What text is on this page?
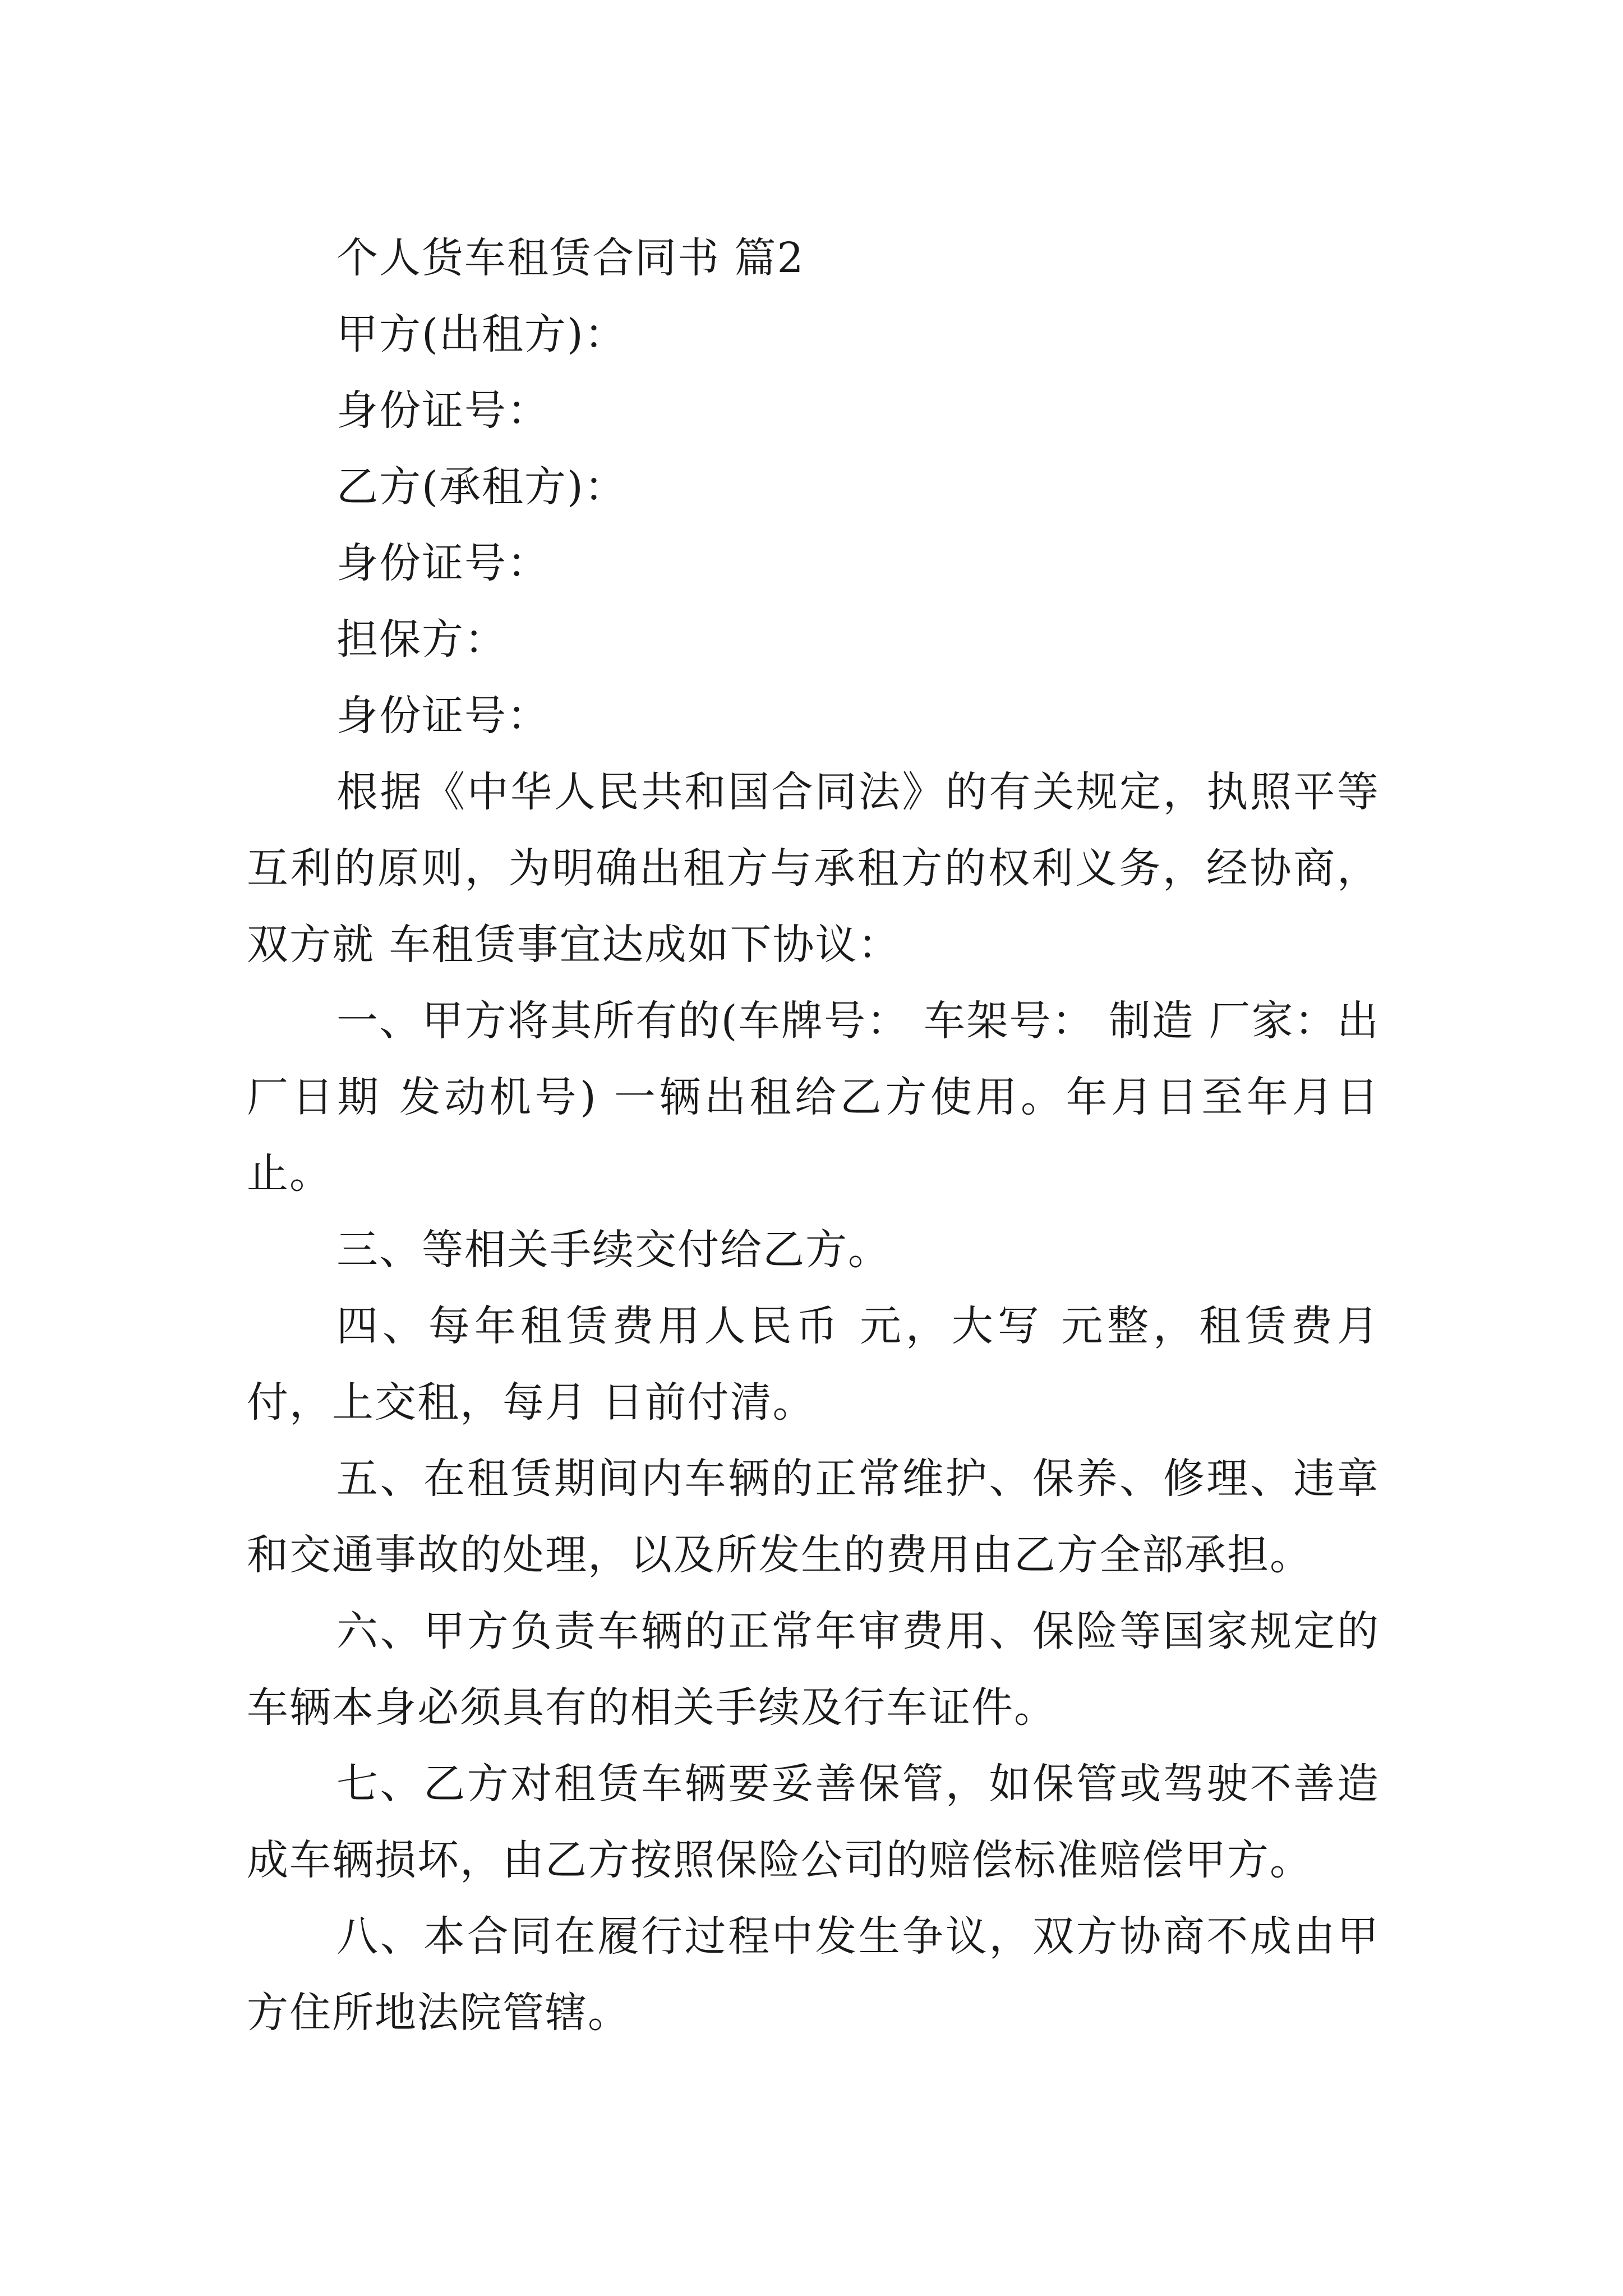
个人货车租赁合同书 篇2

甲方(出租方)：

身份证号：

乙方(承租方)：

身份证号：

担保方：

身份证号：

根据《中华人民共和国合同法》的有关规定，执照平等互利的原则，为明确出租方与承租方的权利义务，经协商，双方就 车租赁事宜达成如下协议：

一、甲方将其所有的(车牌号： 车架号： 制造 厂家：出厂日期 发动机号) 一辆出租给乙方使用。年月日至年月日止。

三、等相关手续交付给乙方。

四、每年租赁费用人民币 元，大写 元整，租赁费月付，上交租，每月 日前付清。

五、在租赁期间内车辆的正常维护、保养、修理、违章和交通事故的处理，以及所发生的费用由乙方全部承担。

六、甲方负责车辆的正常年审费用、保险等国家规定的车辆本身必须具有的相关手续及行车证件。

七、乙方对租赁车辆要妥善保管，如保管或驾驶不善造成车辆损坏，由乙方按照保险公司的赔偿标准赔偿甲方。

八、本合同在履行过程中发生争议，双方协商不成由甲方住所地法院管辖。
